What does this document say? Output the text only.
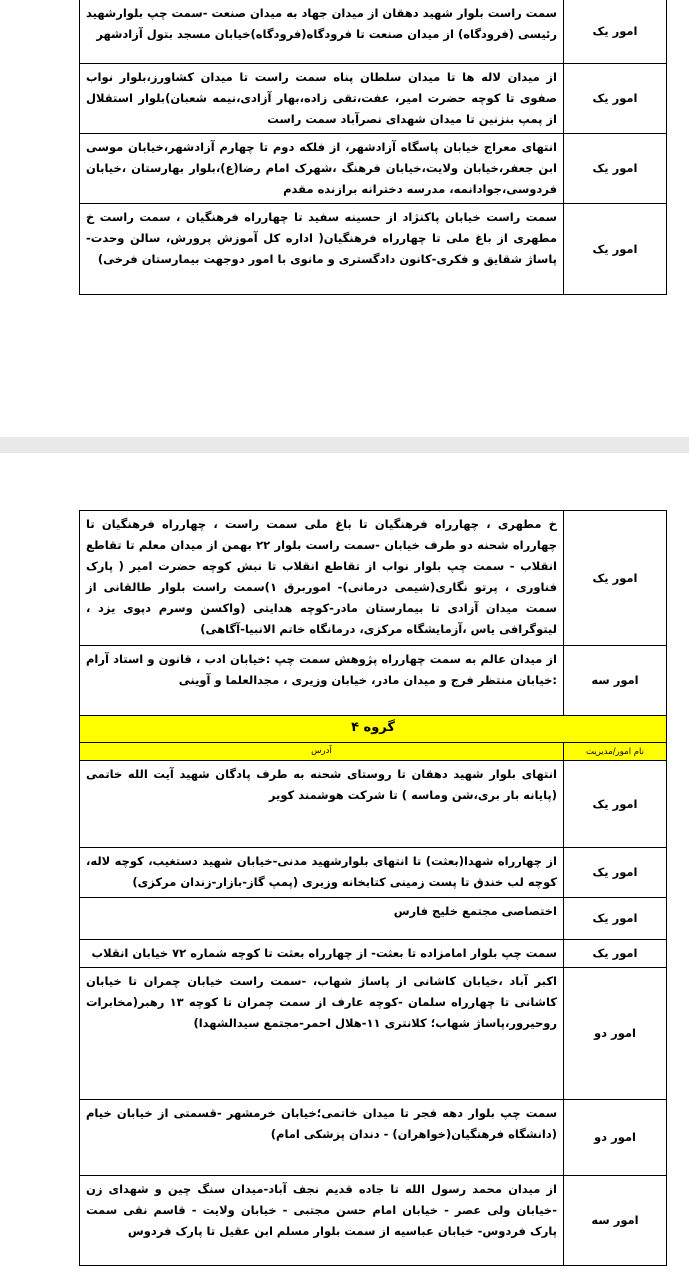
امور یک	سمت راست بلوار شهید دهقان از میدان جهاد به میدان صنعت -سمت چپ بلوارشهید رئیسی (فرودگاه) از میدان صنعت تا فرودگاه(فرودگاه)خیابان مسجد بتول آزادشهر
امور یک	از میدان لاله ها تا میدان سلطان پناه سمت راست تا میدان کشاورز،بلوار نواب صفوی تا کوچه حضرت امیر، عفت،تقی زاده،بهار آزادی،نیمه شعبان)بلوار استقلال از پمپ بنزنین تا میدان شهدای نصرآباد سمت راست
امور یک	انتهای معراج خیابان پاسگاه آزادشهر، از فلکه دوم تا چهارم آزادشهر،خیابان موسی ابن جعفر،خیابان ولایت،خیابان فرهنگ ،شهرک امام رضا(ع)،بلوار بهارستان ،خیابان فردوسی،جوادانمه، مدرسه دخترانه برازنده مقدم
امور یک	سمت راست خیابان پاکنژاد از حسینه سفید تا چهارراه فرهنگیان ، سمت راست خ مطهری از باغ ملی تا چهارراه فرهنگیان( اداره کل آموزش پرورش، سالن وحدت-پاساژ شقایق و فکری-کانون دادگستری و مانوی با امور دوجهت بیمارستان فرخی)
امور یک	خ مطهری ، چهارراه فرهنگیان تا باغ ملی سمت راست ، چهارراه فرهنگیان تا چهارراه شحنه دو طرف خیابان -سمت راست بلوار ۲۲ بهمن از میدان معلم تا تقاطع انقلاب - سمت چپ بلوار نواب از تقاطع انقلاب تا نبش کوچه حضرت امیر ( پارک فناوری ، پرتو نگاری(شیمی درمانی)- اموربرق ۱)سمت راست بلوار طالقانی از سمت میدان آزادی تا بیمارستان مادر-کوچه هدایتی (واکسن وسرم دپوی یزد ، لیتوگرافی یاس ،آزمایشگاه مرکزی، درمانگاه خاتم الانبیا-آگاهی)
امور سه	از میدان عالم به سمت چهارراه پژوهش سمت چپ :خیابان ادب ، قانون و استاد آرام :خیابان منتظر فرج و میدان مادر، خیابان وزیری ، مجدالعلما و آوینی
گروه ۴	
نام امور/مدیریت	آدرس
امور یک	انتهای بلوار شهید دهقان تا روستای شحنه به طرف پادگان شهید آیت الله خاتمی (پایانه بار بری،شن وماسه ) تا شرکت هوشمند کویر
امور یک	از چهارراه شهدا(بعثت) تا انتهای بلوارشهید مدنی-خیابان شهید دستغیب، کوچه لاله، کوچه لب خندق تا پست زمینی کتابخانه وزیری (پمپ گاز-بازار-زندان مرکزی)
امور یک	اختصاصی مجتمع خلیج فارس
امور یک	سمت چپ بلوار امامزاده تا بعثت- از چهارراه بعثت تا کوچه شماره ۷۲ خیابان انقلاب
امور دو	اکبر آباد ،خیابان کاشانی از پاساژ شهاب، -سمت راست خیابان چمران تا خیابان کاشانی تا چهارراه سلمان -کوچه عارف از سمت چمران تا کوچه ۱۳ رهبر(مخابرات روحیرور،پاساژ شهاب؛ کلانتری ۱۱-هلال احمر-مجتمع سیدالشهدا)
امور دو	سمت چپ بلوار دهه فجر تا میدان خاتمی؛خیابان خرمشهر -قسمتی از خیابان خیام (دانشگاه فرهنگیان(خواهران) - دندان پزشکی امام)
امور سه	از میدان محمد رسول الله تا جاده قدیم نجف آباد-میدان سنگ چین و شهدای زن -خیابان ولی عصر - خیابان امام حسن مجتبی - خیابان ولایت - قاسم نقی سمت پارک فردوس- خیابان عباسیه از سمت بلوار مسلم ابن عقیل تا پارک فردوس
